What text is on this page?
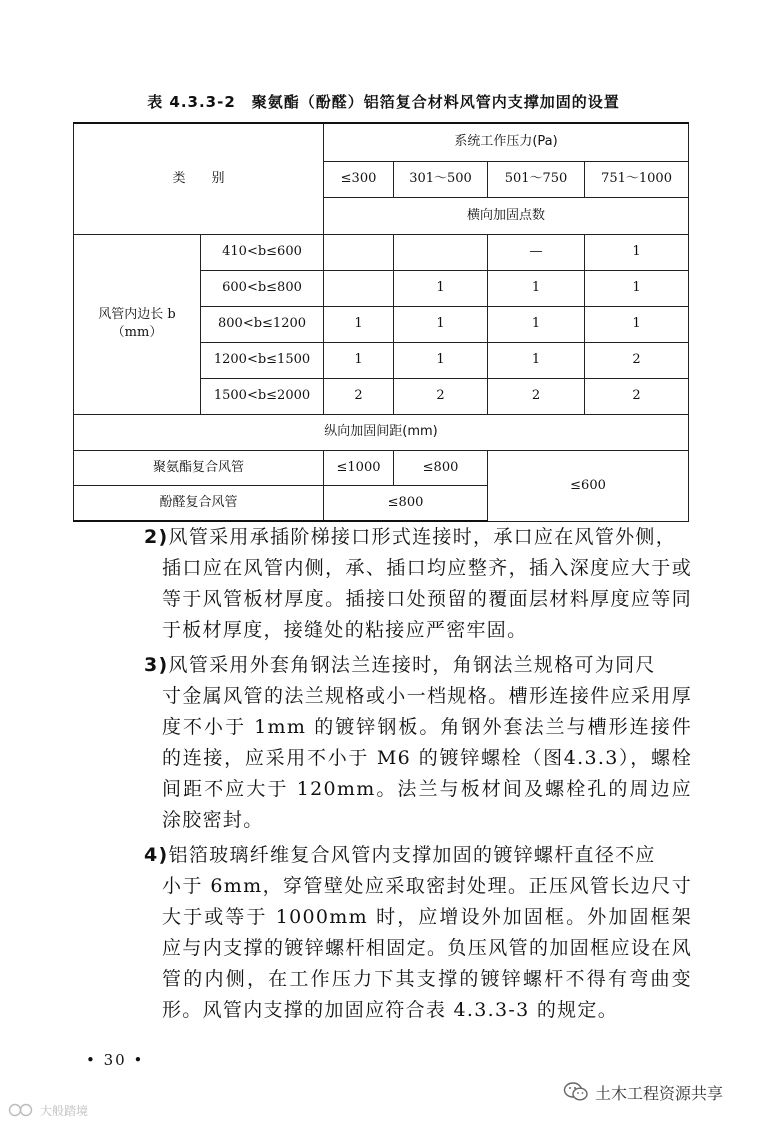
表 4.3.3-2　聚氨酯（酚醛）铝箔复合材料风管内支撑加固的设置
类　　别		系统工作压力(Pa)			
		≤300	301～500	501～750	751～1000
		横向加固点数			

风管内边长 b
（mm）	410<b≤600			—	1
	600<b≤800		1	1	1
	800<b≤1200	1	1	1	1
	1200<b≤1500	1	1	1	2
	1500<b≤2000	2	2	2	2
纵向加固间距(mm)					
聚氨酯复合风管		≤1000	≤800	≤600	
酚醛复合风管		≤800			

2)风管采用承插阶梯接口形式连接时，承口应在风管外侧，
插口应在风管内侧，承、插口均应整齐，插入深度应大于或等于风管板材厚度。插接口处预留的覆面层材料厚度应等同于板材厚度，接缝处的粘接应严密牢固。

3)风管采用外套角钢法兰连接时，角钢法兰规格可为同尺
寸金属风管的法兰规格或小一档规格。槽形连接件应采用厚度不小于 1mm 的镀锌钢板。角钢外套法兰与槽形连接件的连接，应采用不小于 M6 的镀锌螺栓（图4.3.3），螺栓间距不应大于 120mm。法兰与板材间及螺栓孔的周边应涂胶密封。

4)铝箔玻璃纤维复合风管内支撑加固的镀锌螺杆直径不应
小于 6mm，穿管壁处应采取密封处理。正压风管长边尺寸大于或等于 1000mm 时，应增设外加固框。外加固框架应与内支撑的镀锌螺杆相固定。负压风管的加固框应设在风管的内侧，在工作压力下其支撑的镀锌螺杆不得有弯曲变形。风管内支撑的加固应符合表 4.3.3-3 的规定。

• 30 •
土木工程资源共享
大般踏境
